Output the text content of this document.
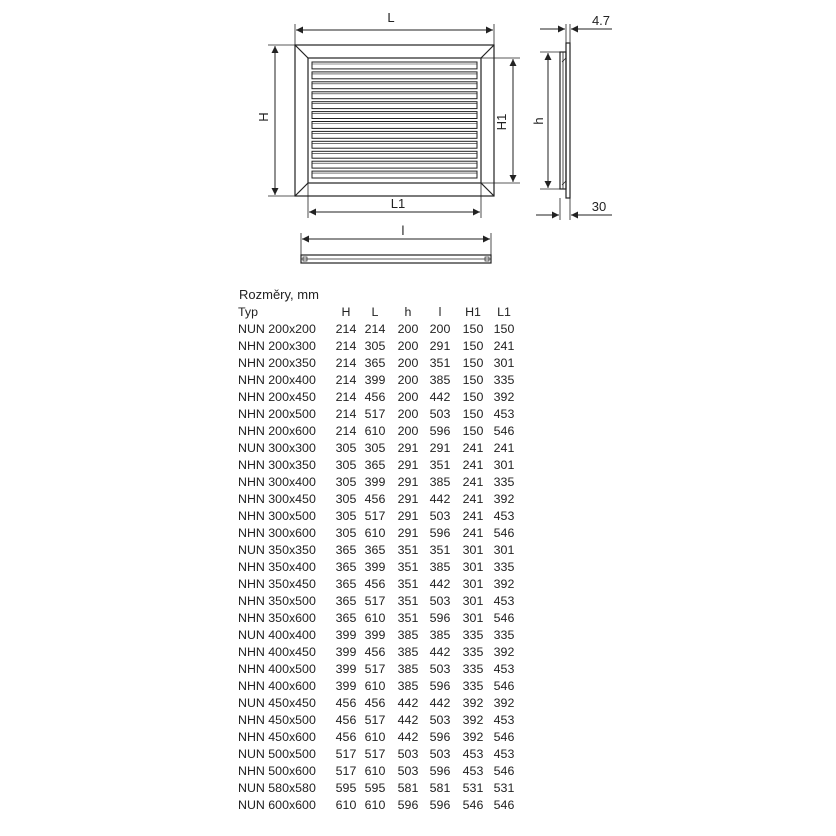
L
H	H1
L1
h
4.7
30
l
Rozměry, mm
Typ	H	L	h	l	H1	L1
NUN 200x200	214	214	200	200	150	150
NHN 200x300	214	305	200	291	150	241
NHN 200x350	214	365	200	351	150	301
NHN 200x400	214	399	200	385	150	335
NHN 200x450	214	456	200	442	150	392
NHN 200x500	214	517	200	503	150	453
NHN 200x600	214	610	200	596	150	546
NUN 300x300	305	305	291	291	241	241
NHN 300x350	305	365	291	351	241	301
NHN 300x400	305	399	291	385	241	335
NHN 300x450	305	456	291	442	241	392
NHN 300x500	305	517	291	503	241	453
NHN 300x600	305	610	291	596	241	546
NUN 350x350	365	365	351	351	301	301
NHN 350x400	365	399	351	385	301	335
NHN 350x450	365	456	351	442	301	392
NHN 350x500	365	517	351	503	301	453
NHN 350x600	365	610	351	596	301	546
NUN 400x400	399	399	385	385	335	335
NHN 400x450	399	456	385	442	335	392
NHN 400x500	399	517	385	503	335	453
NHN 400x600	399	610	385	596	335	546
NUN 450x450	456	456	442	442	392	392
NHN 450x500	456	517	442	503	392	453
NHN 450x600	456	610	442	596	392	546
NUN 500x500	517	517	503	503	453	453
NHN 500x600	517	610	503	596	453	546
NUN 580x580	595	595	581	581	531	531
NUN 600x600	610	610	596	596	546	546
